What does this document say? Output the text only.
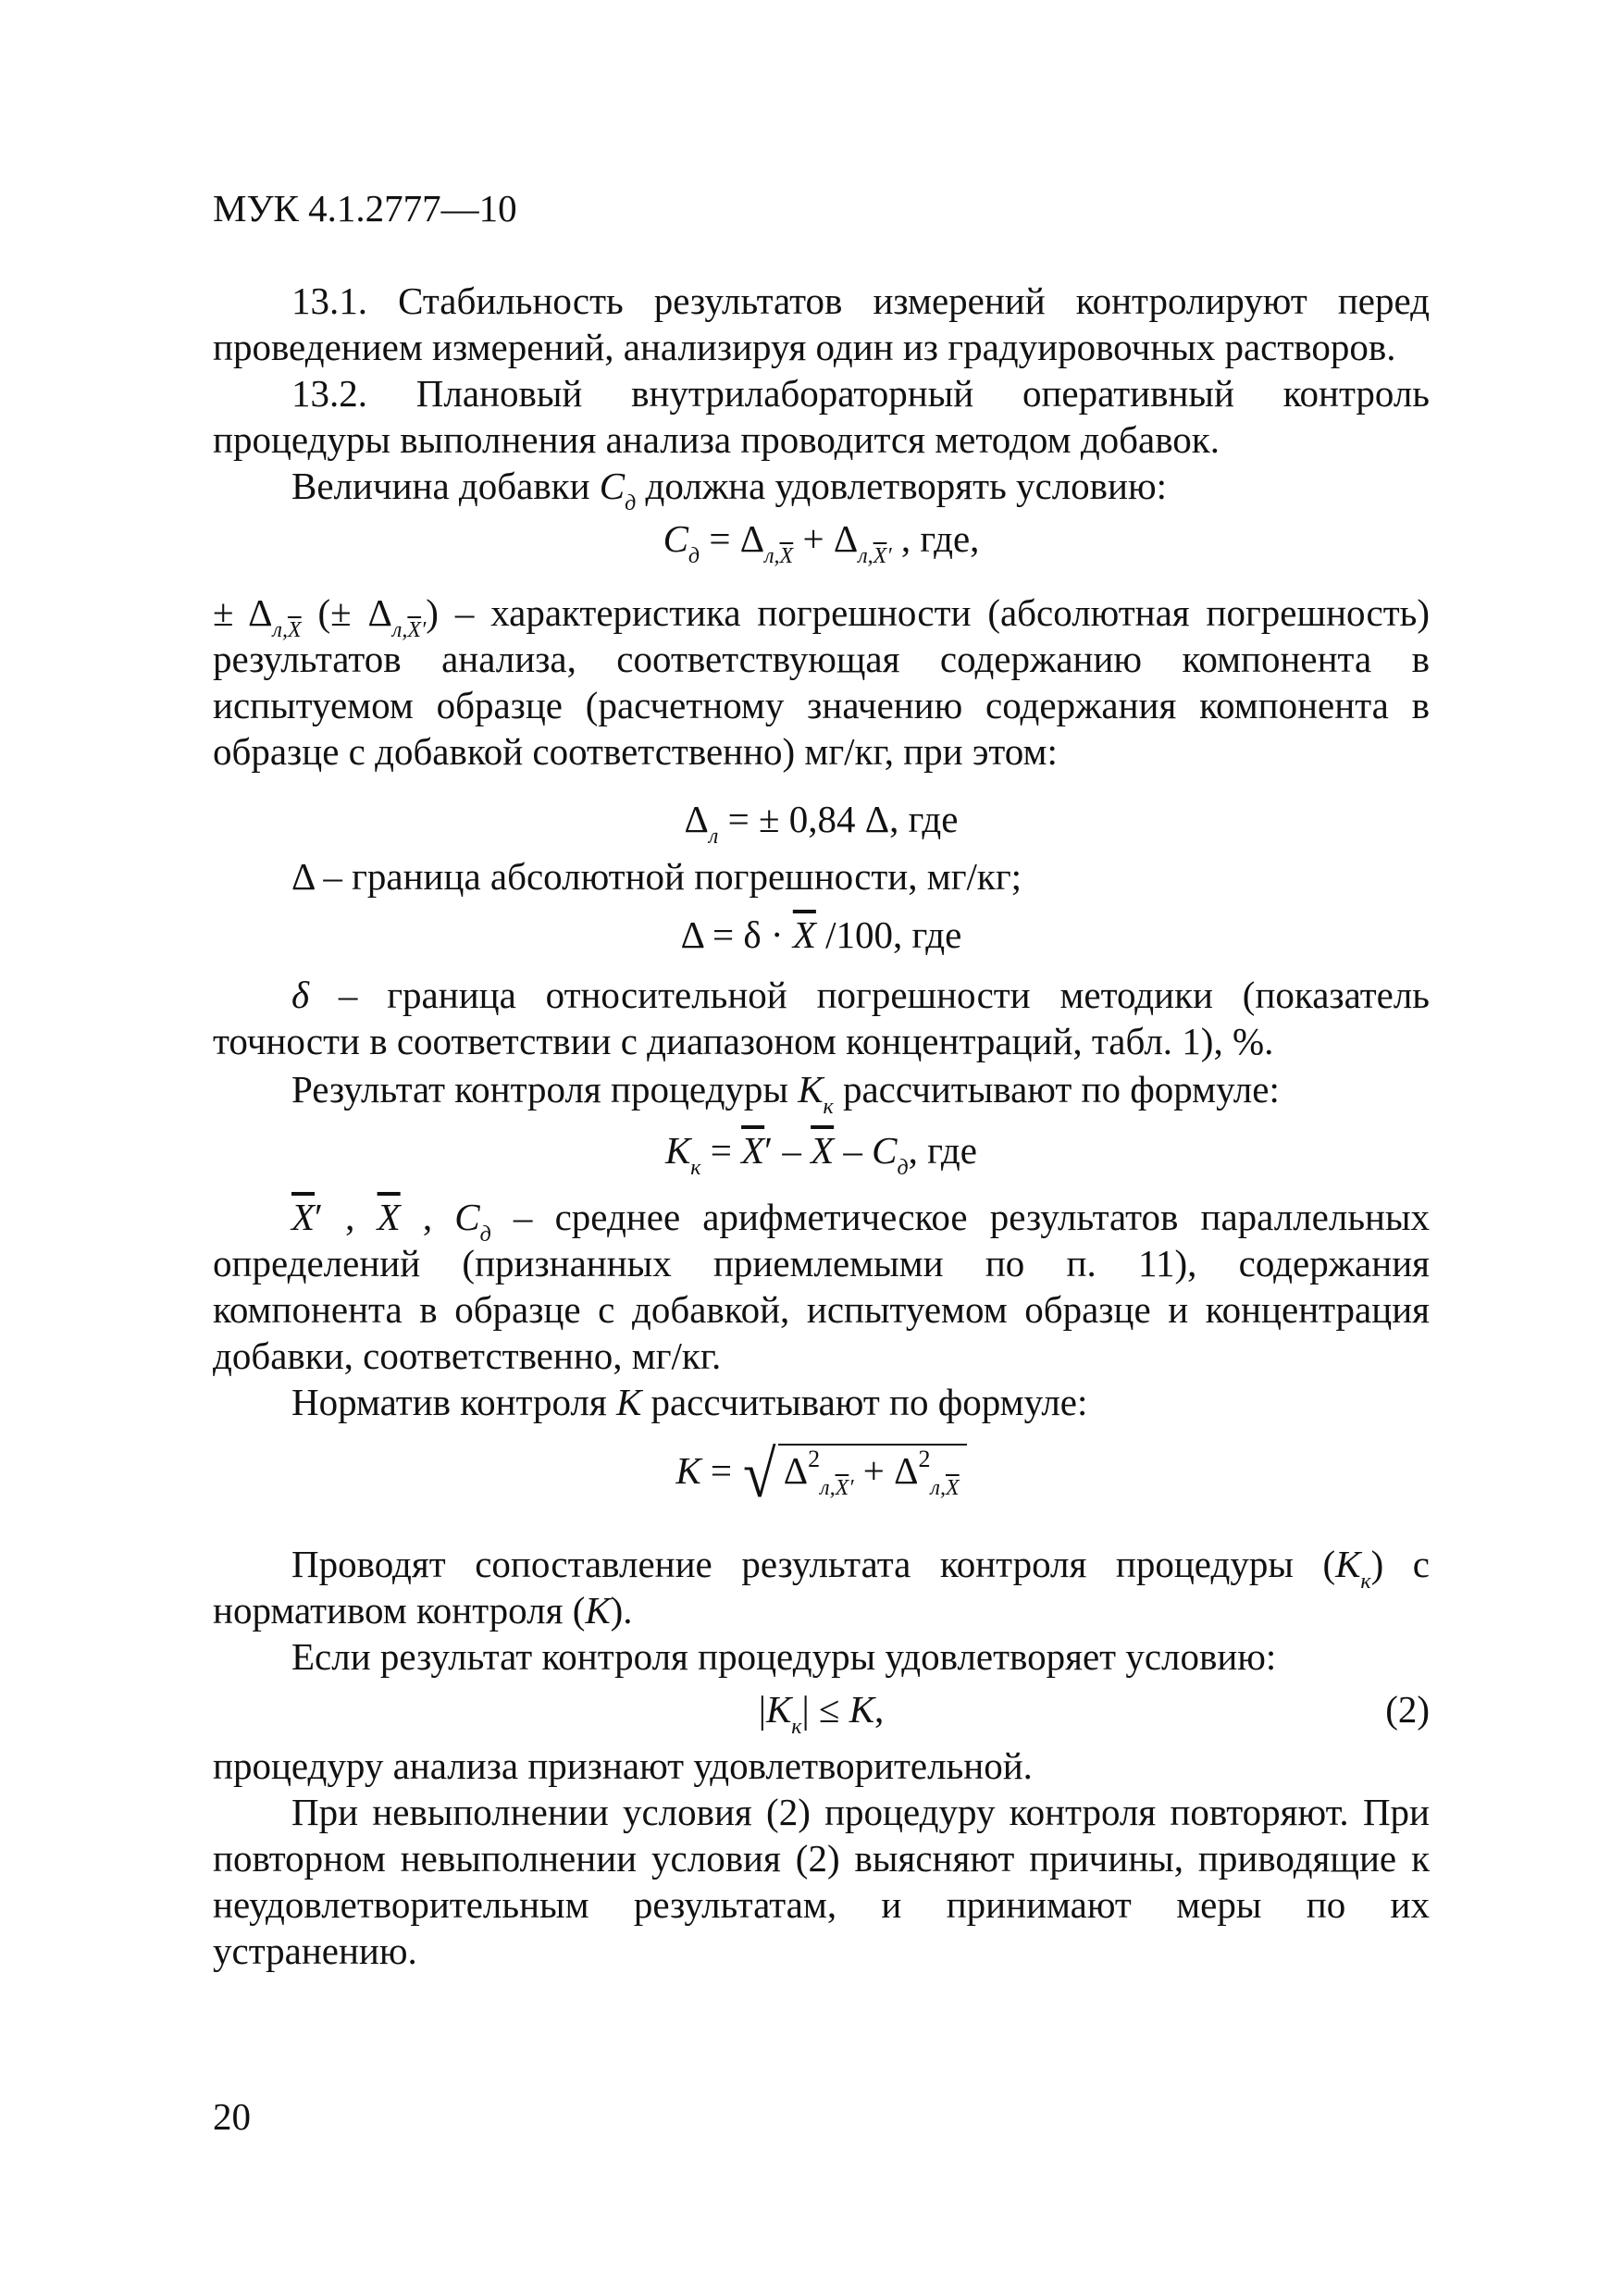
МУК 4.1.2777—10
13.1. Стабильность результатов измерений контролируют перед проведением измерений, анализируя один из градуировочных растворов.
13.2. Плановый внутрилабораторный оперативный контроль процедуры выполнения анализа проводится методом добавок.
Величина добавки $С_д$ должна удовлетворять условию:
$С_д = \Delta_{л,\overline{X}} + \Delta_{л,\overline{X}'}$ , где,
± $\Delta_{л,\overline{X}}$ (± $\Delta_{л,\overline{X}'}$) – характеристика погрешности (абсолютная погрешность) результатов анализа, соответствующая содержанию компонента в испытуемом образце (расчетному значению содержания компонента в образце с добавкой соответственно) мг/кг, при этом:
$\Delta_л$ = ± 0,84 Δ, где
Δ – граница абсолютной погрешности, мг/кг;
$\Delta = \delta \cdot \overline{X}$ /100, где
δ – граница относительной погрешности методики (показатель точности в соответствии с диапазоном концентраций, табл. 1), %.
Результат контроля процедуры $К_к$ рассчитывают по формуле:
$К_к = \overline{X}' - \overline{X} - С_д$, где
$\overline{X}'$ , $\overline{X}$ , $С_д$ – среднее арифметическое результатов параллельных определений (признанных приемлемыми по п. 11), содержания компонента в образце с добавкой, испытуемом образце и концентрация добавки, соответственно, мг/кг.
Норматив контроля К рассчитывают по формуле:
К = √ $\Delta^2_{л,\overline{X}'} + \Delta^2_{л,\overline{X}}$
Проводят сопоставление результата контроля процедуры $(К_к)$ с нормативом контроля (К).
Если результат контроля процедуры удовлетворяет условию:
$|К_к| \le К$,	(2)
процедуру анализа признают удовлетворительной.
При невыполнении условия (2) процедуру контроля повторяют. При повторном невыполнении условия (2) выясняют причины, приводящие к неудовлетворительным результатам, и принимают меры по их устранению.
20
